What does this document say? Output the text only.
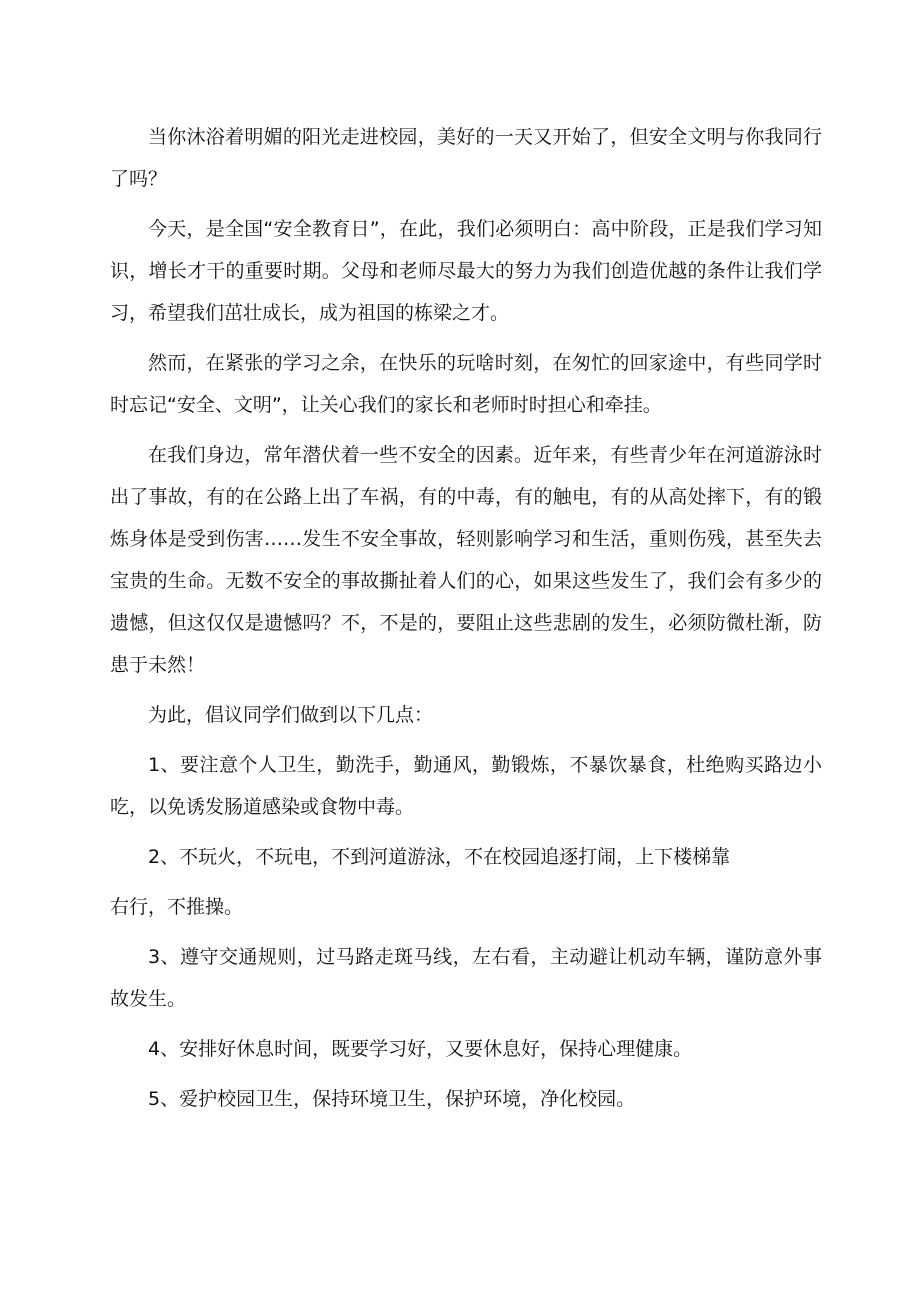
当你沐浴着明媚的阳光走进校园，美好的一天又开始了，但安全文明与你我同行了吗？

今天，是全国“安全教育日”，在此，我们必须明白：高中阶段，正是我们学习知识，增长才干的重要时期。父母和老师尽最大的努力为我们创造优越的条件让我们学习，希望我们茁壮成长，成为祖国的栋梁之才。

然而，在紧张的学习之余，在快乐的玩啥时刻，在匆忙的回家途中，有些同学时时忘记“安全、文明”，让关心我们的家长和老师时时担心和牵挂。

在我们身边，常年潜伏着一些不安全的因素。近年来，有些青少年在河道游泳时出了事故，有的在公路上出了车祸，有的中毒，有的触电，有的从高处摔下，有的锻炼身体是受到伤害……发生不安全事故，轻则影响学习和生活，重则伤残，甚至失去宝贵的生命。无数不安全的事故撕扯着人们的心，如果这些发生了，我们会有多少的遗憾，但这仅仅是遗憾吗？不，不是的，要阻止这些悲剧的发生，必须防微杜渐，防患于未然！

为此，倡议同学们做到以下几点：

1、要注意个人卫生，勤洗手，勤通风，勤锻炼，不暴饮暴食，杜绝购买路边小吃，以免诱发肠道感染或食物中毒。

2、不玩火，不玩电，不到河道游泳，不在校园追逐打闹，上下楼梯靠

右行，不推操。

3、遵守交通规则，过马路走斑马线，左右看，主动避让机动车辆，谨防意外事故发生。

4、安排好休息时间，既要学习好，又要休息好，保持心理健康。

5、爱护校园卫生，保持环境卫生，保护环境，净化校园。
